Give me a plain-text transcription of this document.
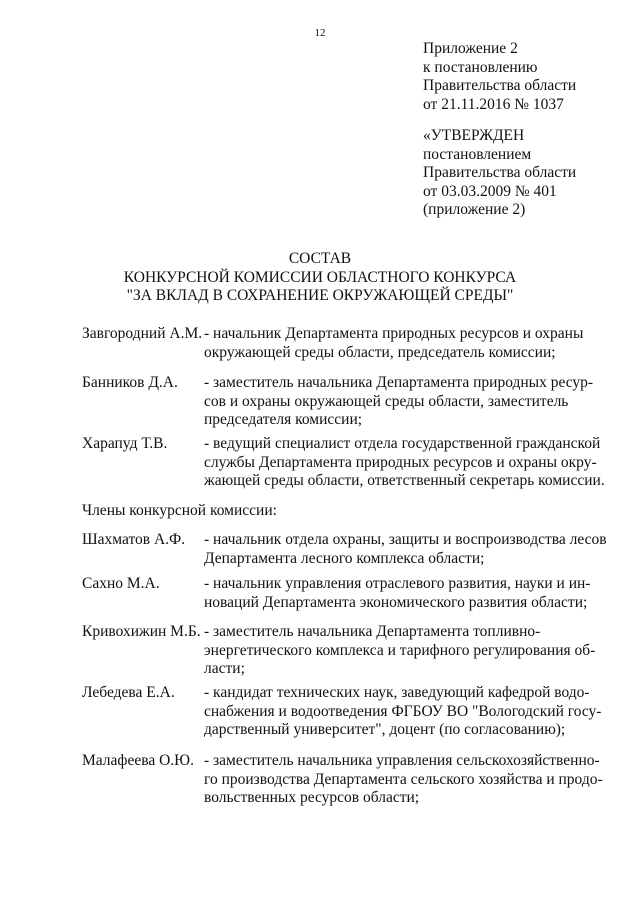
12
Приложение 2
к постановлению
Правительства области
от 21.11.2016 № 1037
«УТВЕРЖДЕН
постановлением
Правительства области
от 03.03.2009 № 401
(приложение 2)
СОСТАВ
КОНКУРСНОЙ КОМИССИИ ОБЛАСТНОГО КОНКУРСА
"ЗА ВКЛАД В СОХРАНЕНИЕ ОКРУЖАЮЩЕЙ СРЕДЫ"
Завгородний А.М. - начальник Департамента природных ресурсов и охраны
окружающей среды области, председатель комиссии;
Банников Д.А. - заместитель начальника Департамента природных ресур-
сов и охраны окружающей среды области, заместитель
председателя комиссии;
Харапуд Т.В. - ведущий специалист отдела государственной гражданской
службы Департамента природных ресурсов и охраны окру-
жающей среды области, ответственный секретарь комиссии.
Члены конкурсной комиссии:
Шахматов А.Ф. - начальник отдела охраны, защиты и воспроизводства лесов
Департамента лесного комплекса области;
Сахно М.А.	- начальник управления отраслевого развития, науки и ин-
новаций Департамента экономического развития области;
Кривохижин М.Б. - заместитель начальника Департамента топливно-
энергетического комплекса и тарифного регулирования об-
ласти;
Лебедева Е.А. - кандидат технических наук, заведующий кафедрой водо-
снабжения и водоотведения ФГБОУ ВО "Вологодский госу-
дарственный университет", доцент (по согласованию);
Малафеева О.Ю. - заместитель начальника управления сельскохозяйственно-
го производства Департамента сельского хозяйства и продо-
вольственных ресурсов области;
